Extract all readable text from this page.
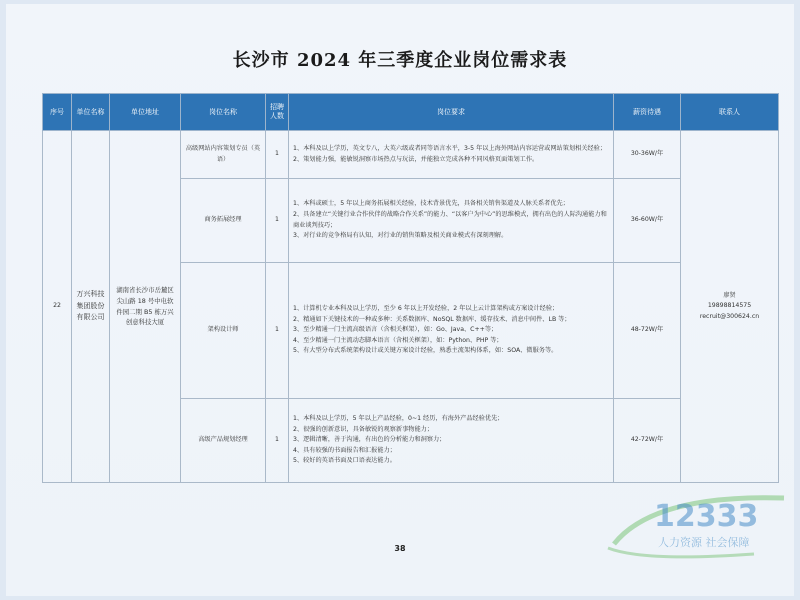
长沙市 2024 年三季度企业岗位需求表
序号	单位名称	单位地址	岗位名称	招聘人数	岗位要求	薪资待遇	联系人
22	万兴科技集团股份有限公司	湖南省长沙市岳麓区尖山路 18 号中电软件园二期 B5 栋万兴创意科技大厦	高级网站内容策划专员（英语）	1	1、本科及以上学历，英文专八，大英六级或者同等语言水平，3-5 年以上海外网站内容运营或网站策划相关经验；
2、策划能力强，能敏锐洞察市场热点与玩法，并能独立完成各种不同风格页面策划工作。	30-36W/年	廖贤
19898814575
recruit@300624.cn

			商务拓展经理	1	1、本科或硕士，5 年以上商务拓展相关经验，技术背景优先，具备相关销售渠道及人脉关系者优先；
2、具备建立“关键行业合作伙伴的战略合作关系”的能力、“以客户为中心”的思维模式，拥有出色的人际沟通能力和商业谈判技巧；
3、对行业的竞争格局有认知，对行业的销售策略及相关商业模式有深刻理解。	36-60W/年	
			架构设计师	1	1、计算机专业本科及以上学历，至少 6 年以上开发经验，2 年以上云计算架构或方案设计经验；
2、精通如下关键技术的一种或多种：关系数据库、NoSQL 数据库、缓存技术、消息中间件、LB 等；
3、至少精通一门主流高级语言（含相关框架），如：Go、Java、C++等；
4、至少精通一门主流动态脚本语言（含相关框架），如：Python、PHP 等；
5、有大型分布式系统架构设计或关键方案设计经验，熟悉主流架构体系，如：SOA、微服务等。	48-72W/年	
			高级产品规划经理	1	1、本科及以上学历，5 年以上产品经验，0~1 经历，有海外产品经验优先；
2、很强的创新意识，具备敏锐的观察新事物能力；
3、逻辑清晰，善于沟通，有出色的分析能力和洞察力；
4、具有较强的书面报告和汇报能力；
5、较好的英语书面及口语表达能力。	42-72W/年	
38
12333
人力资源 社会保障
